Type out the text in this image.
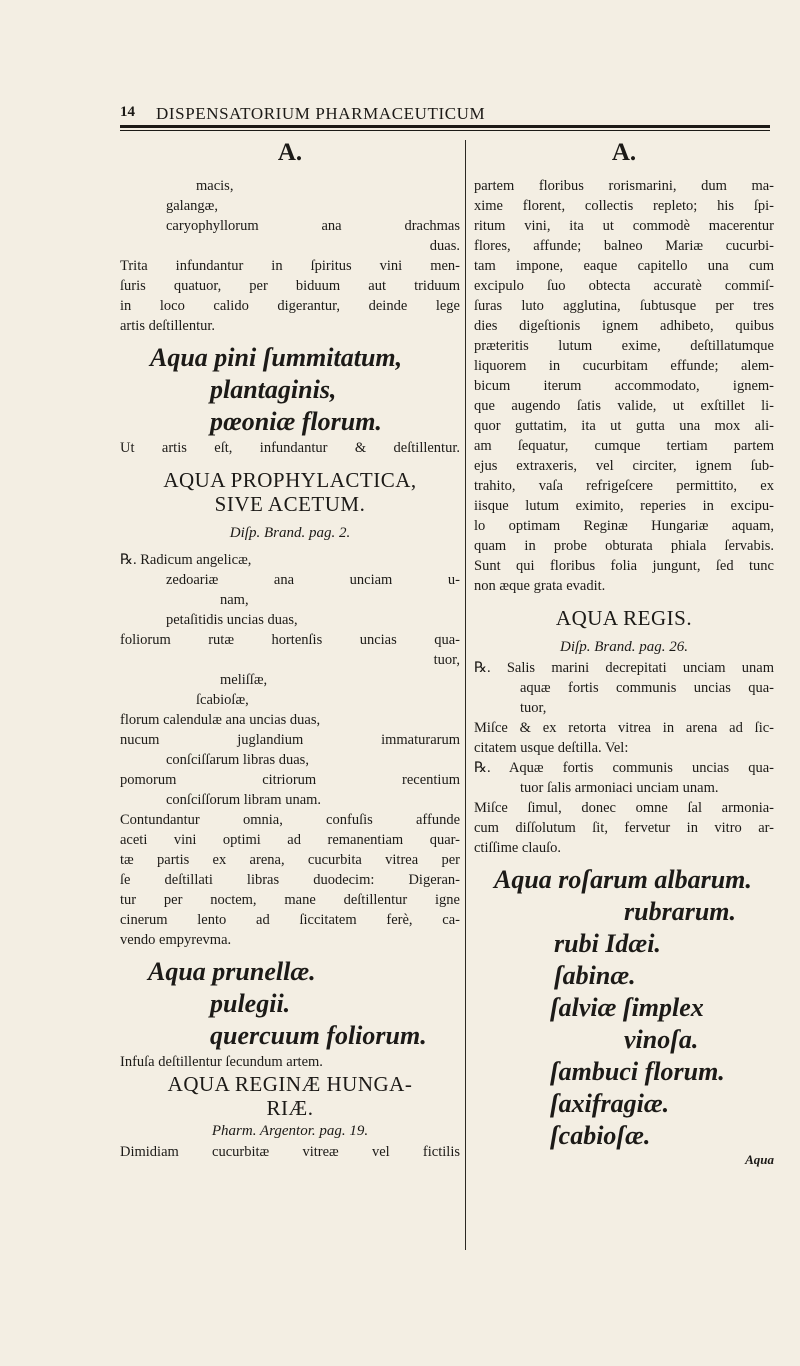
14 DISPENSATORIUM PHARMACEUTICUM
A.
macis,
galangæ,
caryophyllorum ana drachmas
duas.
Trita infundantur in ſpiritus vini men-
ſuris quatuor, per biduum aut triduum
in loco calido digerantur, deinde lege
artis deſtillentur.
Aqua pini ſummitatum,
plantaginis,
pœoniæ florum.
Ut artis eſt, infundantur & deſtillentur.
AQUA PROPHYLACTICA,
SIVE ACETUM.
Diſp. Brand. pag. 2.
℞. Radicum angelicæ,
zedoariæ ana unciam u-
nam,
petaſitidis uncias duas,
foliorum rutæ hortenſis uncias qua-
tuor,
meliſſæ,
ſcabioſæ,
florum calendulæ ana uncias duas,
nucum juglandium immaturarum
conſciſſarum libras duas,
pomorum citriorum recentium
conſciſſorum libram unam.
Contundantur omnia, confuſis affunde
aceti vini optimi ad remanentiam quar-
tæ partis ex arena, cucurbita vitrea per
ſe deſtillati libras duodecim: Digeran-
tur per noctem, mane deſtillentur igne
cinerum lento ad ſiccitatem ferè, ca-
vendo empyrevma.
Aqua prunellæ.
pulegii.
quercuum foliorum.
Infuſa deſtillentur ſecundum artem.
AQUA REGINÆ HUNGA-
RIÆ.
Pharm. Argentor. pag. 19.
Dimidiam cucurbitæ vitreæ vel fictilis
A.
partem floribus rorismarini, dum ma-
xime florent, collectis repleto; his ſpi-
ritum vini, ita ut commodè macerentur
flores, affunde; balneo Mariæ cucurbi-
tam impone, eaque capitello una cum
excipulo ſuo obtecta accuratè commiſ-
ſuras luto agglutina, ſubtusque per tres
dies digeſtionis ignem adhibeto, quibus
præteritis lutum exime, deſtillatumque
liquorem in cucurbitam effunde; alem-
bicum iterum accommodato, ignem-
que augendo ſatis valide, ut exſtillet li-
quor guttatim, ita ut gutta una mox ali-
am ſequatur, cumque tertiam partem
ejus extraxeris, vel circiter, ignem ſub-
trahito, vaſa refrigeſcere permittito, ex
iisque lutum eximito, reperies in excipu-
lo optimam Reginæ Hungariæ aquam,
quam in probe obturata phiala ſervabis.
Sunt qui floribus folia jungunt, ſed tunc
non æque grata evadit.
AQUA REGIS.
Diſp. Brand. pag. 26.
℞. Salis marini decrepitati unciam unam
aquæ fortis communis uncias qua-
tuor,
Miſce & ex retorta vitrea in arena ad ſic-
citatem usque deſtilla. Vel:
℞. Aquæ fortis communis uncias qua-
tuor ſalis armoniaci unciam unam.
Miſce ſimul, donec omne ſal armonia-
cum diſſolutum ſit, fervetur in vitro ar-
ctiſſime clauſo.
Aqua roſarum albarum.
rubrarum.
rubi Idæi.
ſabinæ.
ſalviæ ſimplex
vinoſa.
ſambuci florum.
ſaxifragiæ.
ſcabioſæ.
Aqua
